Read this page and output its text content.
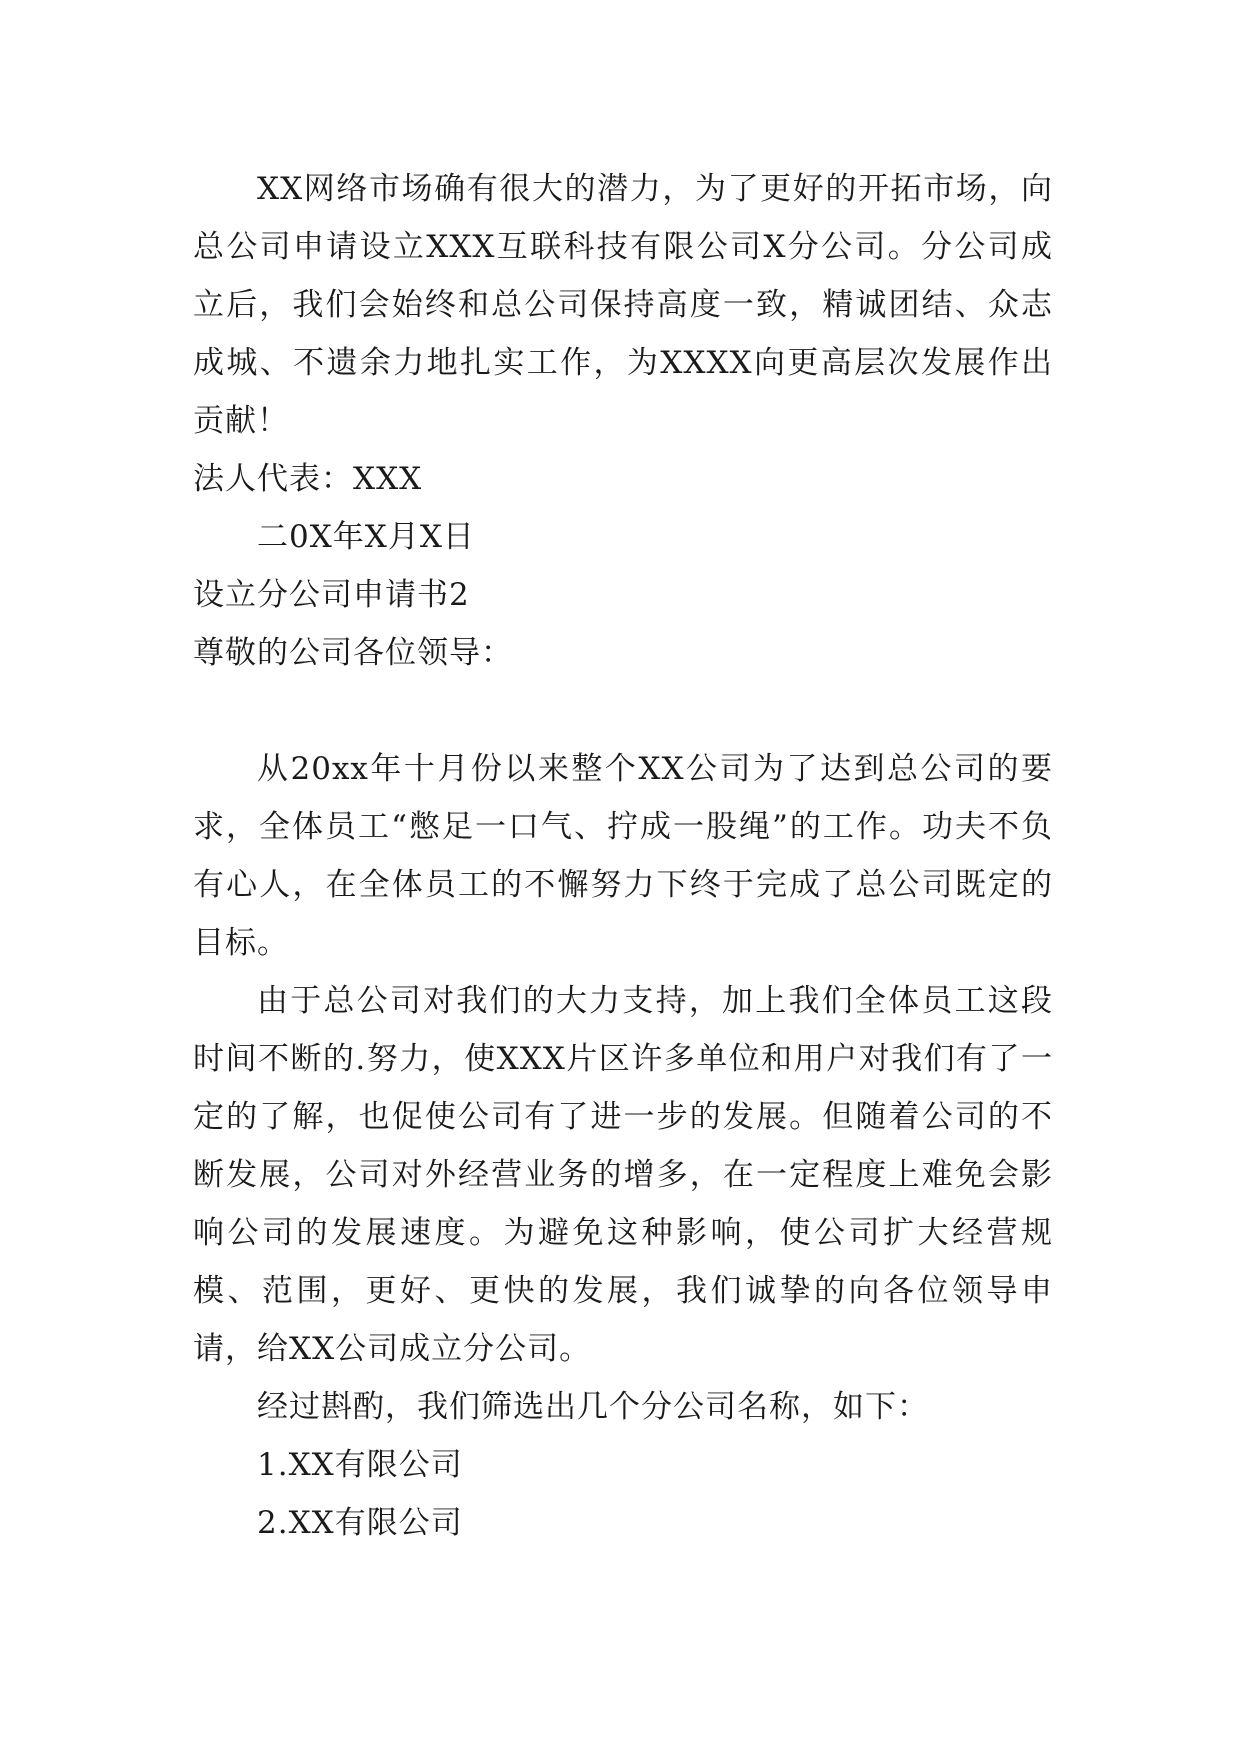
XX网络市场确有很大的潜力，为了更好的开拓市场，向总公司申请设立XXX互联科技有限公司X分公司。分公司成立后，我们会始终和总公司保持高度一致，精诚团结、众志成城、不遗余力地扎实工作，为XXXX向更高层次发展作出贡献！

法人代表：XXX

二0X年X月X日

设立分公司申请书2

尊敬的公司各位领导：

从20xx年十月份以来整个XX公司为了达到总公司的要求，全体员工“憋足一口气、拧成一股绳”的工作。功夫不负有心人，在全体员工的不懈努力下终于完成了总公司既定的目标。

由于总公司对我们的大力支持，加上我们全体员工这段时间不断的.努力，使XXX片区许多单位和用户对我们有了一定的了解，也促使公司有了进一步的发展。但随着公司的不断发展，公司对外经营业务的增多，在一定程度上难免会影响公司的发展速度。为避免这种影响，使公司扩大经营规模、范围，更好、更快的发展，我们诚挚的向各位领导申请，给XX公司成立分公司。

经过斟酌，我们筛选出几个分公司名称，如下：

1.XX有限公司

2.XX有限公司
